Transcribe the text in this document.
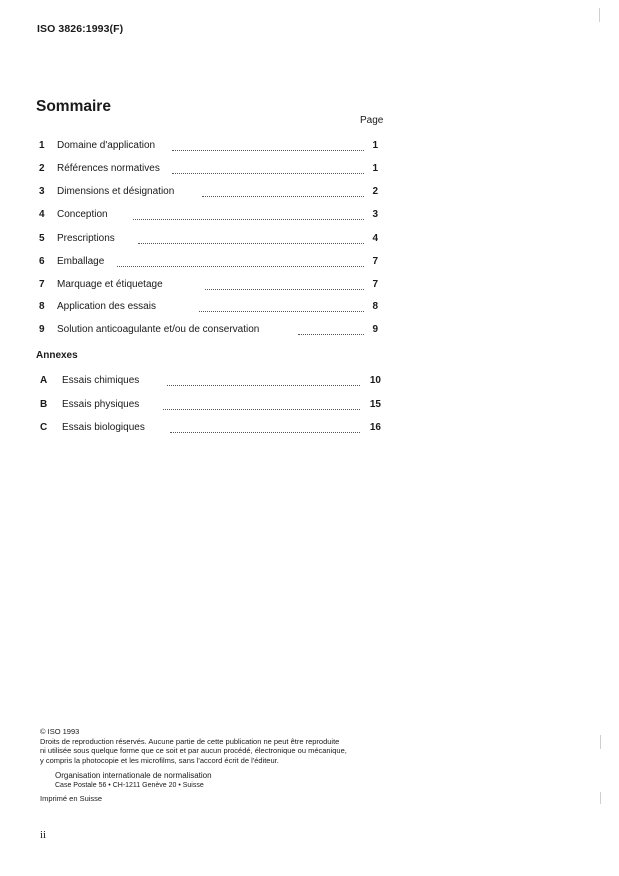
ISO 3826:1993(F)
Sommaire
Page
1 Domaine d'application	1
2 Références normatives	1
3 Dimensions et désignation	2
4 Conception	3
5 Prescriptions	4
6 Emballage	7
7 Marquage et étiquetage	7
8 Application des essais	8
9 Solution anticoagulante et/ou de conservation	9
Annexes
A Essais chimiques	10
B Essais physiques	15
C Essais biologiques	16
© ISO 1993
Droits de reproduction réservés. Aucune partie de cette publication ne peut être reproduite
ni utilisée sous quelque forme que ce soit et par aucun procédé, électronique ou mécanique,
y compris la photocopie et les microfilms, sans l'accord écrit de l'éditeur.
Organisation internationale de normalisation
Case Postale 56 • CH-1211 Genève 20 • Suisse
Imprimé en Suisse
ii
